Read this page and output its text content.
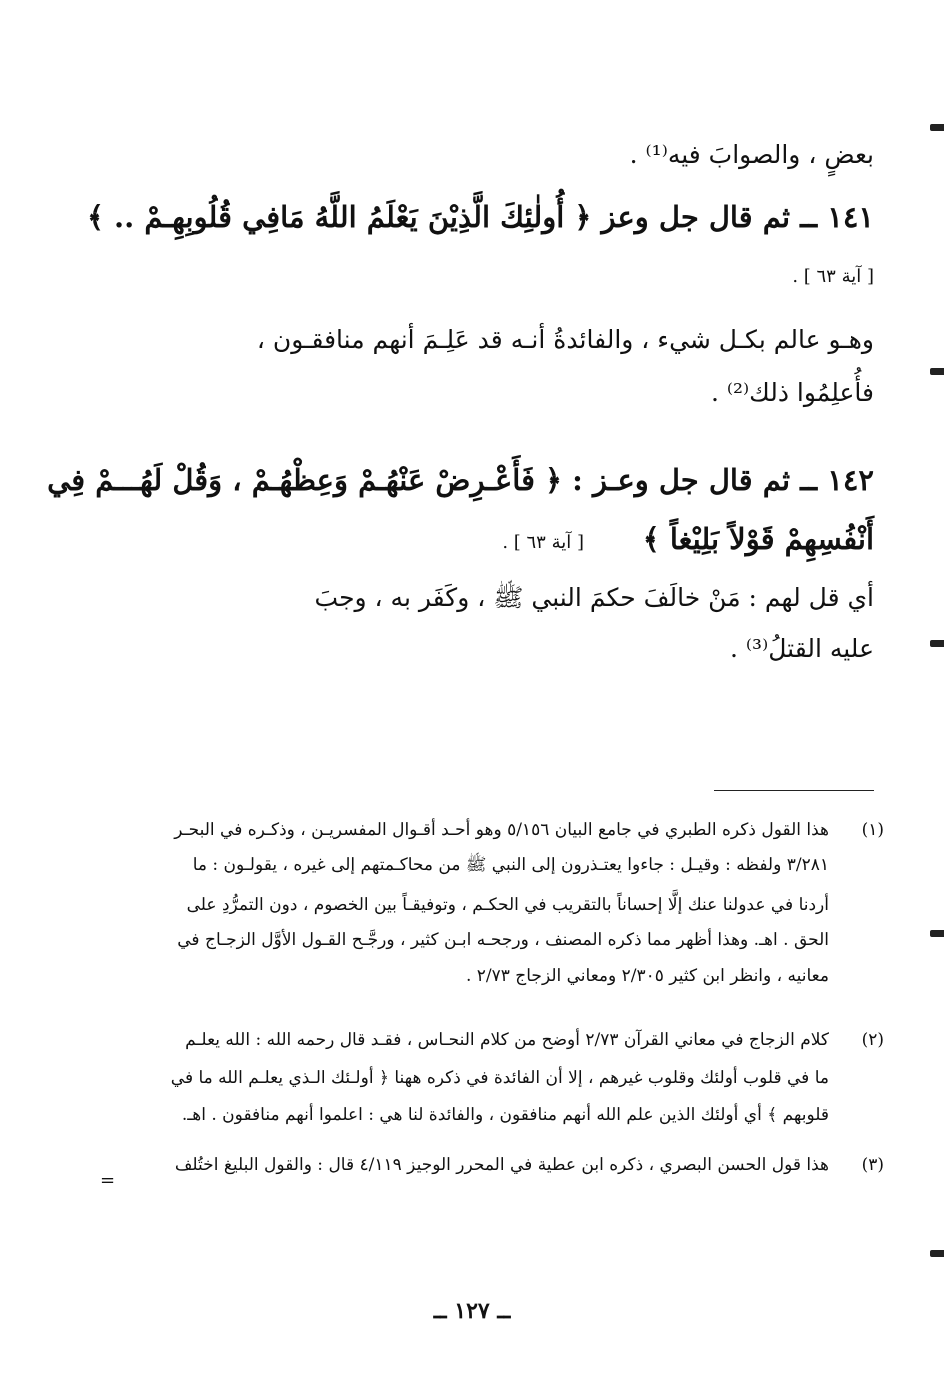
بعضٍ ، والصوابَ فيه⁽¹⁾ .
١٤١ ــ ثم قال جل وعز ﴿ أُولٰئِكَ الَّذِيْنَ يَعْلَمُ اللَّهُ مَافِي قُلُوبِهِـمْ .. ﴾
[ آية ٦٣ ] .
وهـو عالم بكـل شيء ، والفائدةُ أنـه قد عَلِـمَ أنهم منافقـون ،
فأُعلِمُوا ذلك⁽²⁾ .
١٤٢ ــ ثم قال جل وعـز : ﴿ فَأَعْـرِضْ عَنْهُـمْ وَعِظْهُـمْ ، وَقُلْ لَهُـــمْ فِي
أَنْفُسِهِمْ قَوْلاً بَلِيْغاً ﴾
[ آية ٦٣ ] .
أي قل لهم : مَنْ خالَفَ حكمَ النبي ﷺ ، وكَفَر به ، وجبَ
عليه القتلُ⁽³⁾ .
(١)
هذا القول ذكره الطبري في جامع البيان ٥/١٥٦ وهو أحـد أقـوال المفسريـن ، وذكـره في البحـر
٣/٢٨١ ولفظه : وقيـل : جاءوا يعتـذرون إلى النبي ﷺ من محاكـمتهم إلى غيره ، يقولـون : ما
أردنا في عدولنا عنك إلَّا إحساناً بالتقريب في الحكـم ، وتوفيقـاً بين الخصوم ، دون التمرُّدِ على
الحق . اهـ. وهذا أظهر مما ذكره المصنف ، ورجحـه ابـن كثير ، ورجَّـح القـول الأوَّل الزجـاج في
معانيه ، وانظر ابن كثير ٢/٣٠٥ ومعاني الزجاج ٢/٧٣ .
(٢)
كلام الزجاج في معاني القرآن ٢/٧٣ أوضح من كلام النحـاس ، فقـد قال رحمه الله : الله يعلـم
ما في قلوب أولئك وقلوب غيرهم ، إلا أن الفائدة في ذكره ههنا ﴿ أولـئك الـذي يعلـم الله ما في
قلوبهم ﴾ أي أولئك الذين علم الله أنهم منافقون ، والفائدة لنا هي : اعلموا أنهم منافقون . اهـ.
(٣)
هذا قول الحسن البصري ، ذكره ابن عطية في المحرر الوجيز ٤/١١٩ قال : والقول البليغ اختُلف
=
ــ ١٢٧ ــ
